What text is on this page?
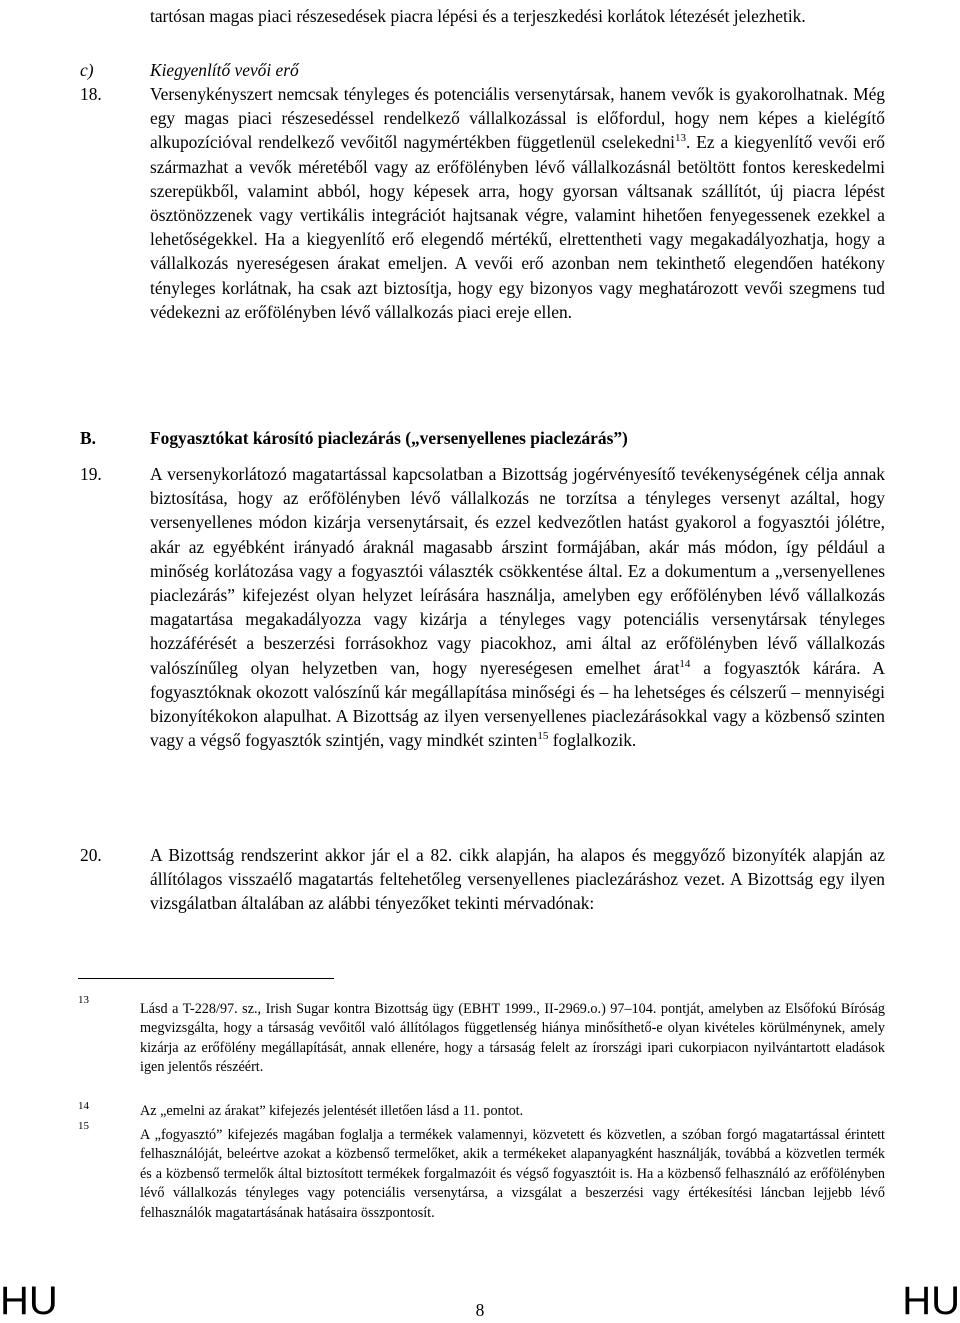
tartósan magas piaci részesedések piacra lépési és a terjeszkedési korlátok létezését jelezhetik.
c)	Kiegyenlítő vevői erő
18.	Versenykényszert nemcsak tényleges és potenciális versenytársak, hanem vevők is gyakorolhatnak. Még egy magas piaci részesedéssel rendelkező vállalkozással is előfordul, hogy nem képes a kielégítő alkupozícióval rendelkező vevőitől nagymértékben függetlenül cselekedni$^{13}$. Ez a kiegyenlítő vevői erő származhat a vevők méretéből vagy az erőfölényben lévő vállalkozásnál betöltött fontos kereskedelmi szerepükből, valamint abból, hogy képesek arra, hogy gyorsan váltsanak szállítót, új piacra lépést ösztönözzenek vagy vertikális integrációt hajtsanak végre, valamint hihetően fenyegessenek ezekkel a lehetőségekkel. Ha a kiegyenlítő erő elegendő mértékű, elrettentheti vagy megakadályozhatja, hogy a vállalkozás nyereségesen árakat emeljen. A vevői erő azonban nem tekinthető elegendően hatékony tényleges korlátnak, ha csak azt biztosítja, hogy egy bizonyos vagy meghatározott vevői szegmens tud védekezni az erőfölényben lévő vállalkozás piaci ereje ellen.
B.	Fogyasztókat károsító piaclezárás („versenyellenes piaclezárás”)
19.	A versenykorlátozó magatartással kapcsolatban a Bizottság jogérvényesítő tevékenységének célja annak biztosítása, hogy az erőfölényben lévő vállalkozás ne torzítsa a tényleges versenyt azáltal, hogy versenyellenes módon kizárja versenytársait, és ezzel kedvezőtlen hatást gyakorol a fogyasztói jólétre, akár az egyébként irányadó áraknál magasabb árszint formájában, akár más módon, így például a minőség korlátozása vagy a fogyasztói választék csökkentése által. Ez a dokumentum a „versenyellenes piaclezárás” kifejezést olyan helyzet leírására használja, amelyben egy erőfölényben lévő vállalkozás magatartása megakadályozza vagy kizárja a tényleges vagy potenciális versenytársak tényleges hozzáférését a beszerzési forrásokhoz vagy piacokhoz, ami által az erőfölényben lévő vállalkozás valószínűleg olyan helyzetben van, hogy nyereségesen emelhet árat$^{14}$ a fogyasztók kárára. A fogyasztóknak okozott valószínű kár megállapítása minőségi és – ha lehetséges és célszerű – mennyiségi bizonyítékokon alapulhat. A Bizottság az ilyen versenyellenes piaclezárásokkal vagy a közbenső szinten vagy a végső fogyasztók szintjén, vagy mindkét szinten$^{15}$ foglalkozik.
20.	A Bizottság rendszerint akkor jár el a 82. cikk alapján, ha alapos és meggyőző bizonyíték alapján az állítólagos visszaélő magatartás feltehetőleg versenyellenes piaclezáráshoz vezet. A Bizottság egy ilyen vizsgálatban általában az alábbi tényezőket tekinti mérvadónak:
13
Lásd a T-228/97. sz., Irish Sugar kontra Bizottság ügy (EBHT 1999., II-2969.o.) 97–104. pontját, amelyben az Elsőfokú Bíróság megvizsgálta, hogy a társaság vevőitől való állítólagos függetlenség hiánya minősíthető-e olyan kivételes körülménynek, amely kizárja az erőfölény megállapítását, annak ellenére, hogy a társaság felelt az írországi ipari cukorpiacon nyilvántartott eladások igen jelentős részéért.
14	Az „emelni az árakat” kifejezés jelentését illetően lásd a 11. pontot.
15
A „fogyasztó” kifejezés magában foglalja a termékek valamennyi, közvetett és közvetlen, a szóban forgó magatartással érintett felhasználóját, beleértve azokat a közbenső termelőket, akik a termékeket alapanyagként használják, továbbá a közvetlen termék és a közbenső termelők által biztosított termékek forgalmazóit és végső fogyasztóit is. Ha a közbenső felhasználó az erőfölényben lévő vállalkozás tényleges vagy potenciális versenytársa, a vizsgálat a beszerzési vagy értékesítési láncban lejjebb lévő felhasználók magatartásának hatásaira összpontosít.
HU	8	HU
